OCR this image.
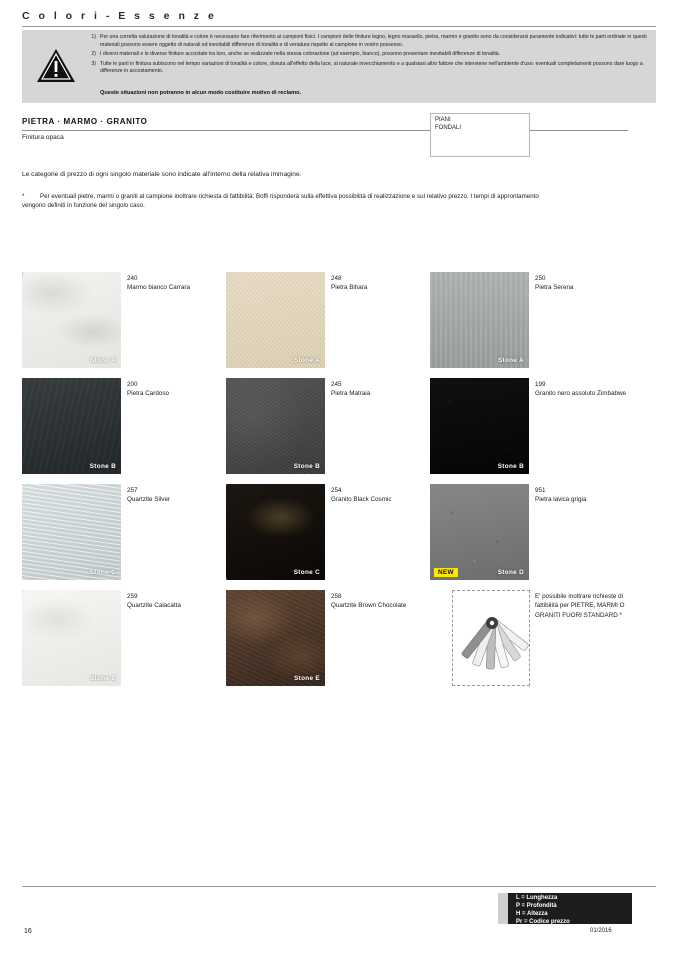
C o l o r i - E s s e n z e
1) Per una corretta valutazione di tonalità e colore è necessario fare riferimento ai campioni fisici. I campioni delle finiture legno, legno massello, pietra, marmo e granito sono da considerarsi puramente indicativi: tutte le parti ordinate in questi materiali possono essere oggetto di naturali ed inevitabili differenze di tonalità e di venatura rispetto al campione in vostro possesso.
2) I diversi materiali e le diverse finiture accostate tra loro, anche se realizzate nella stessa colorazione (ad esempio, bianco), possono presentare inevitabili differenze di tonalità.
3) Tutte le parti in finitura subiscono nel tempo variazioni di tonalità e colore, dovuta all'effetto della luce, al naturale invecchiamento e a qualsiasi altro fattore che interviene nell'ambiente d'uso: eventuali completamenti possono dare luogo a differenze in accostamento.
Queste situazioni non potranno in alcun modo costituire motivo di reclamo.
PIETRA · MARMO · GRANITO
Finitura opaca
PIANI
FONDALI
Le categorie di prezzo di ogni singolo materiale sono indicate all'interno della relativa immagine.
*	Per eventuali pietre, marmi o graniti al campione inoltrare richiesta di fattibilità: Boffi risponderà sulla effettiva possibilità di realizzazione e sul relativo prezzo. I tempi di approntamento vengono definiti in funzione del singolo caso.
Stone A
240
Marmo bianco Carrara
Stone A
248
Pietra Bihara
Stone A
250
Pietra Serena
Stone B
200
Pietra Cardoso
Stone B
245
Pietra Matraia
Stone B
199
Granito nero assoluto Zimbabwe
Stone C
257
Quartzite Silver
Stone C
254
Granito Black Cosmic
NEW	Stone D
951
Pietra lavica grigia
Stone E
259
Quartzite Calacatta
Stone E
258
Quartzite Brown Chocolate
E' possibile inoltrare richieste di fattibilità per PIETRE, MARMI O GRANITI FUORI STANDARD *
L = Lunghezza
P = Profondità
H = Altezza
Pr = Codice prezzo
16	01/2016
